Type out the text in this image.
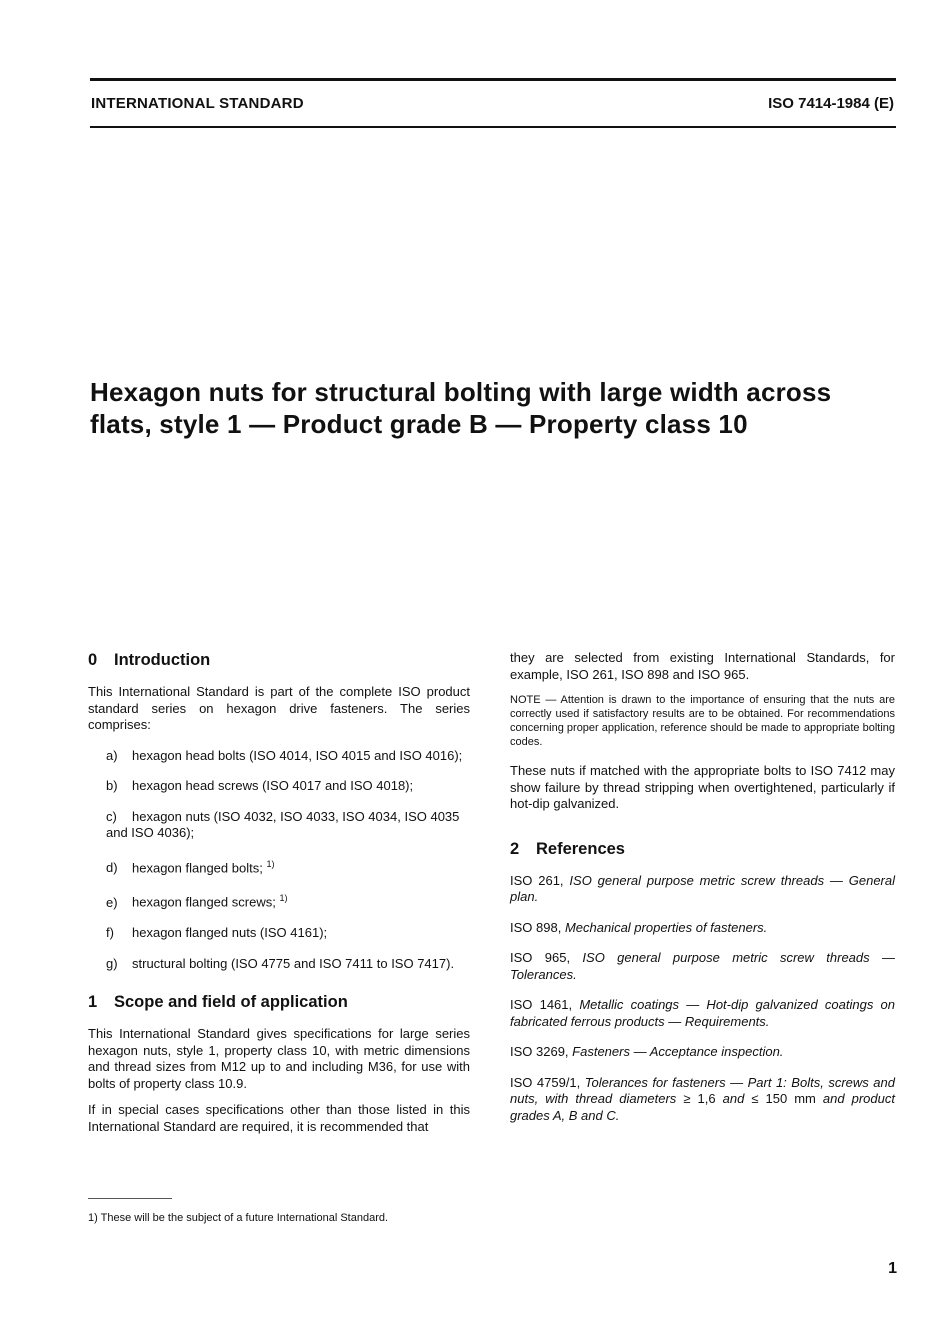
INTERNATIONAL STANDARD	ISO 7414-1984 (E)
Hexagon nuts for structural bolting with large width across flats, style 1 — Product grade B — Property class 10
0 Introduction

This International Standard is part of the complete ISO product standard series on hexagon drive fasteners. The series comprises:

a) hexagon head bolts (ISO 4014, ISO 4015 and ISO 4016);
b) hexagon head screws (ISO 4017 and ISO 4018);
c) hexagon nuts (ISO 4032, ISO 4033, ISO 4034, ISO 4035 and ISO 4036);
d) hexagon flanged bolts; $^{1)}$
e) hexagon flanged screws; $^{1)}$
f) hexagon flanged nuts (ISO 4161);
g) structural bolting (ISO 4775 and ISO 7411 to ISO 7417).
1 Scope and field of application

This International Standard gives specifications for large series hexagon nuts, style 1, property class 10, with metric dimensions and thread sizes from M12 up to and including M36, for use with bolts of property class 10.9.

If in special cases specifications other than those listed in this International Standard are required, it is recommended that

they are selected from existing International Standards, for example, ISO 261, ISO 898 and ISO 965.

NOTE — Attention is drawn to the importance of ensuring that the nuts are correctly used if satisfactory results are to be obtained. For recommendations concerning proper application, reference should be made to appropriate bolting codes.

These nuts if matched with the appropriate bolts to ISO 7412 may show failure by thread stripping when overtightened, particularly if hot-dip galvanized.

2 References
ISO 261, ISO general purpose metric screw threads — General plan.
ISO 898, Mechanical properties of fasteners.
ISO 965, ISO general purpose metric screw threads — Tolerances.
ISO 1461, Metallic coatings — Hot-dip galvanized coatings on fabricated ferrous products — Requirements.
ISO 3269, Fasteners — Acceptance inspection.
ISO 4759/1, Tolerances for fasteners — Part 1: Bolts, screws and nuts, with thread diameters ≥ 1,6 and ≤ 150 mm and product grades A, B and C.
1) These will be the subject of a future International Standard.
1
